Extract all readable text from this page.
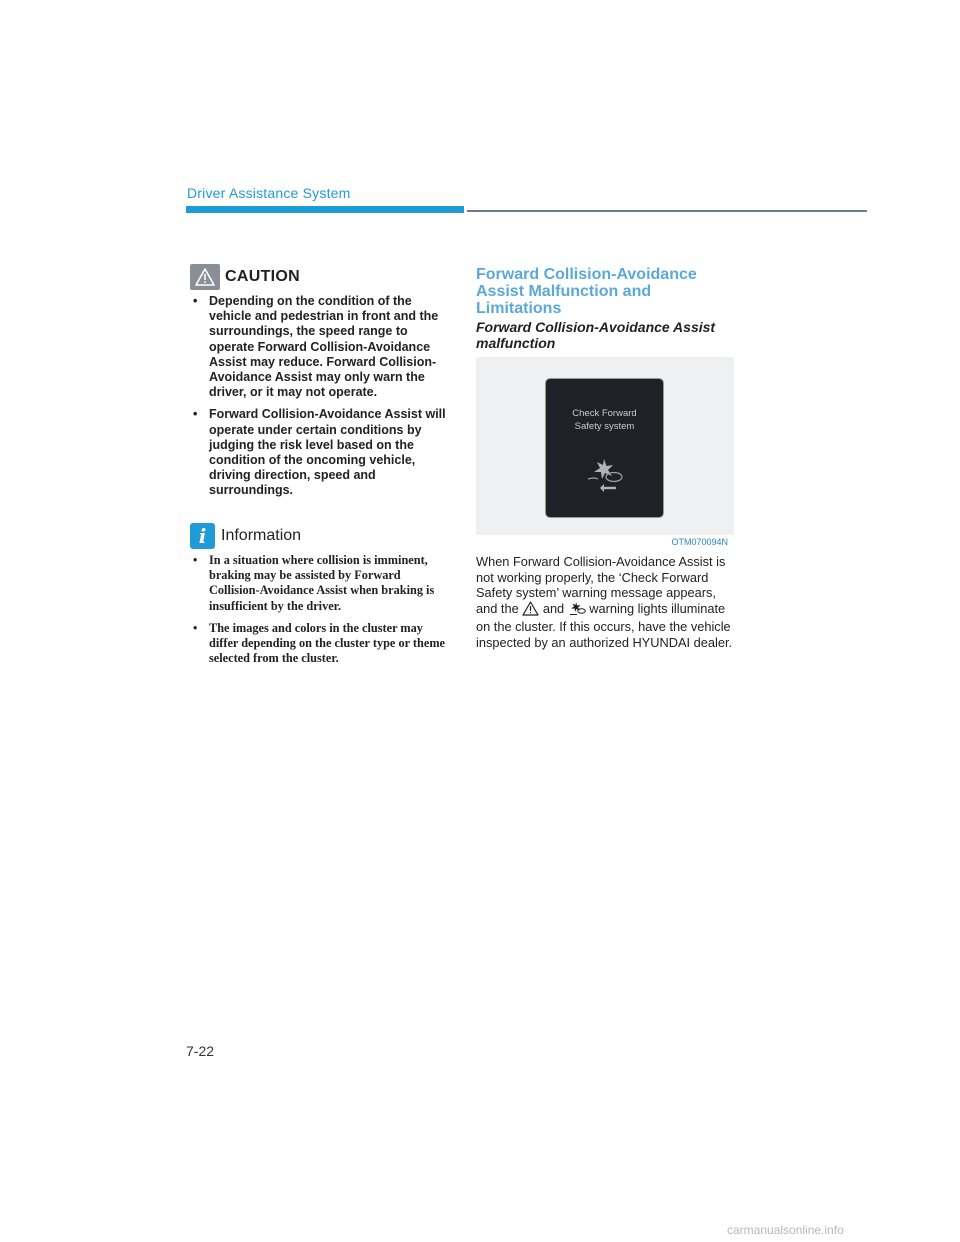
Driver Assistance System
CAUTION
• Depending on the condition of the vehicle and pedestrian in front and the surroundings, the speed range to operate Forward Collision-Avoidance Assist may reduce. Forward Collision-Avoidance Assist may only warn the driver, or it may not operate.
• Forward Collision-Avoidance Assist will operate under certain conditions by judging the risk level based on the condition of the oncoming vehicle, driving direction, speed and surroundings.
i Information
• In a situation where collision is imminent, braking may be assisted by Forward Collision-Avoidance Assist when braking is insufficient by the driver.
• The images and colors in the cluster may differ depending on the cluster type or theme selected from the cluster.
Forward Collision-Avoidance Assist Malfunction and Limitations
Forward Collision-Avoidance Assist malfunction
Check Forward
Safety system
OTM070094N
When Forward Collision-Avoidance Assist is not working properly, the ‘Check Forward Safety system’ warning message appears, and the  and  warning lights illuminate on the cluster. If this occurs, have the vehicle inspected by an authorized HYUNDAI dealer.
7-22
carmanualsonline.info
